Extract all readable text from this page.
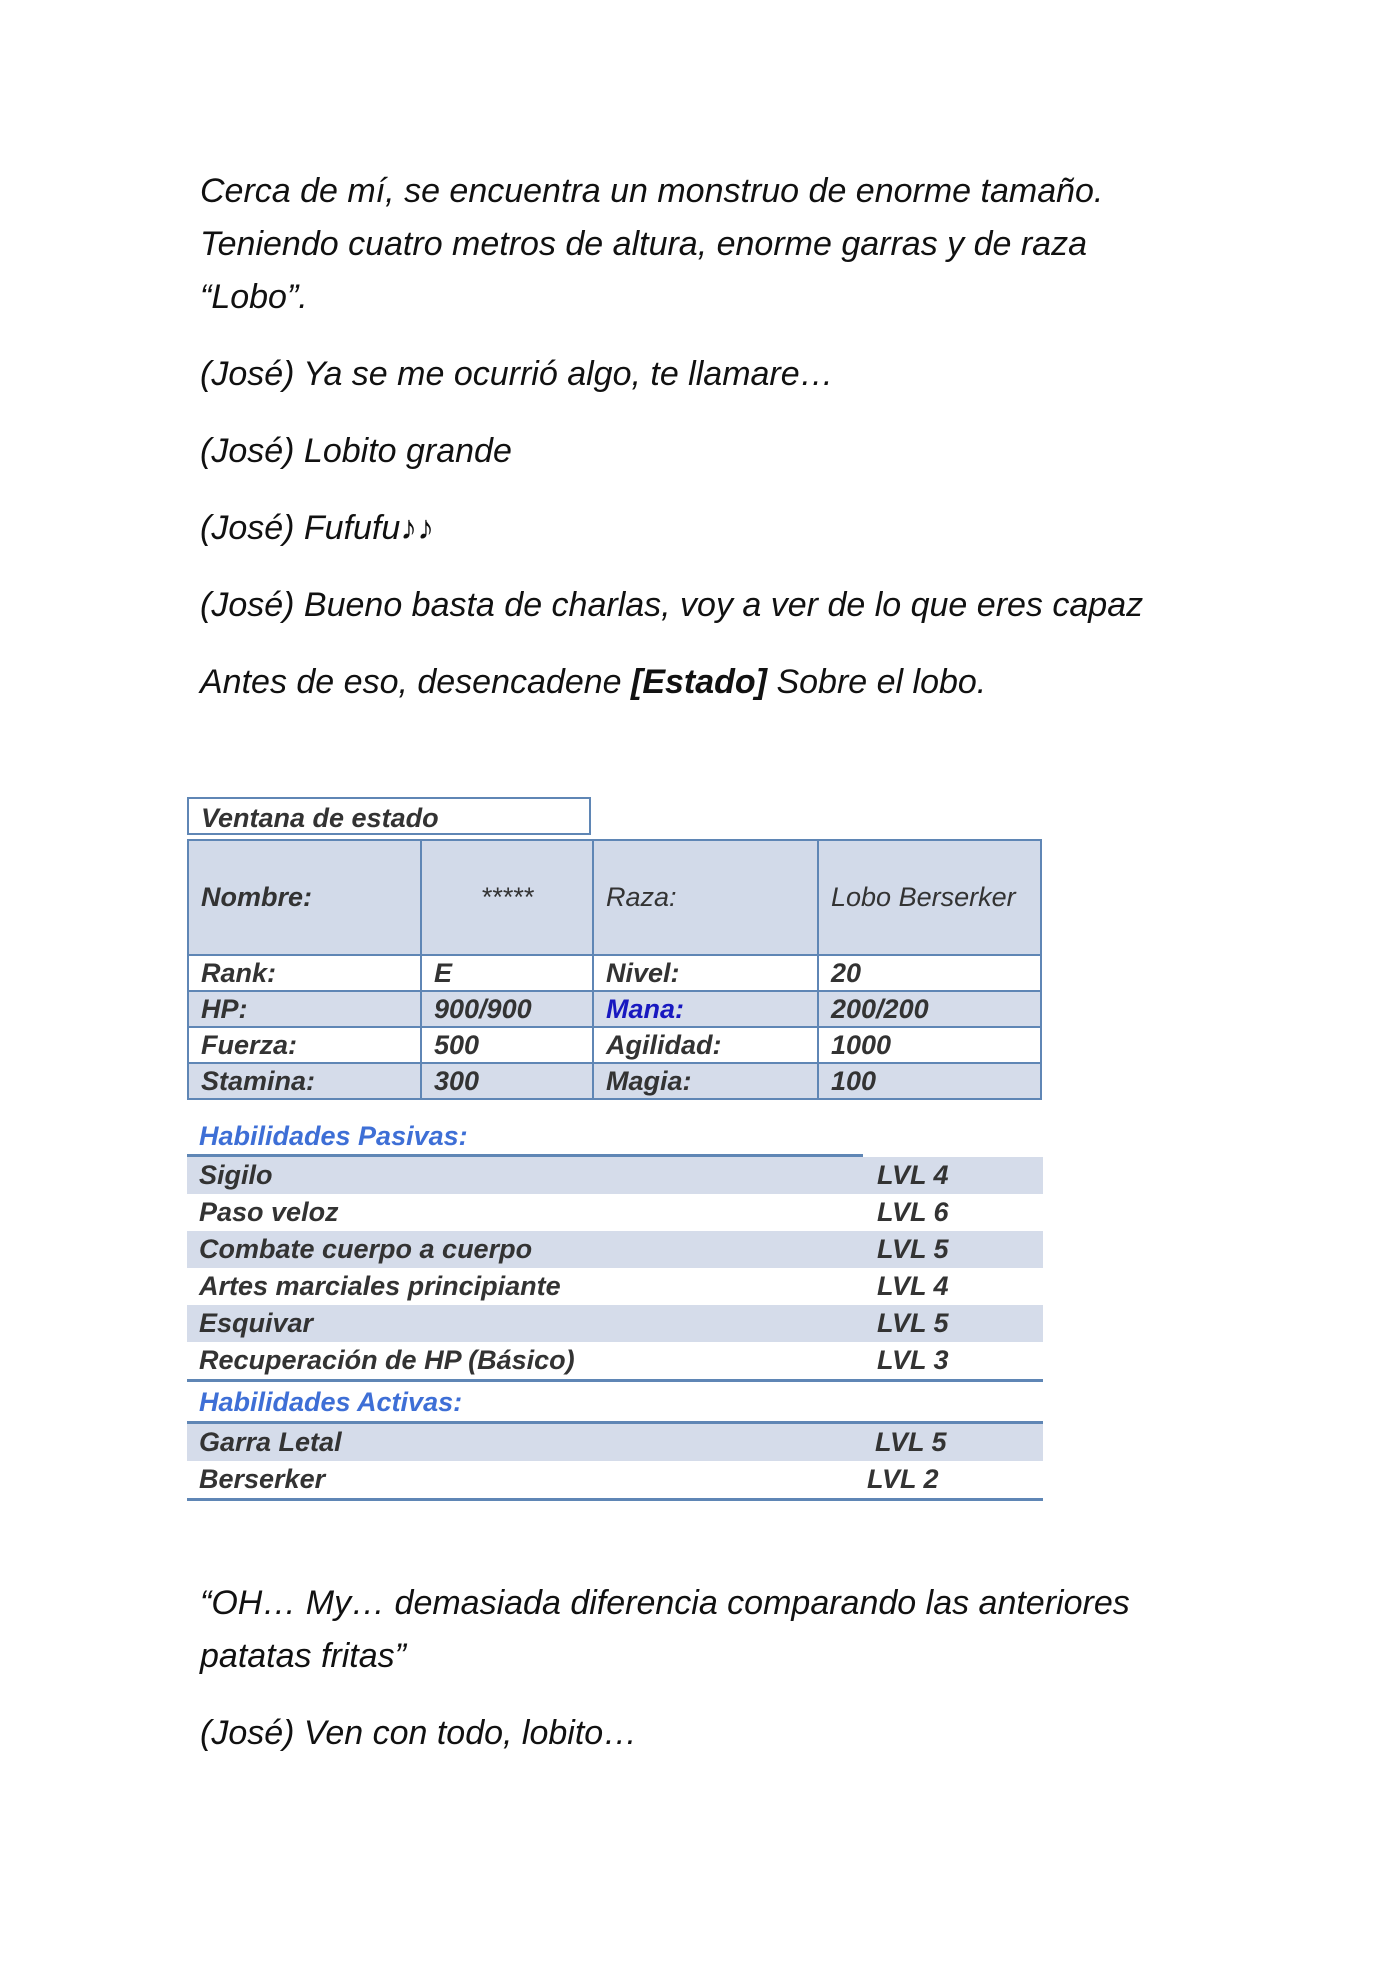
Cerca de mí, se encuentra un monstruo de enorme tamaño. Teniendo cuatro metros de altura, enorme garras y de raza “Lobo”.

(José) Ya se me ocurrió algo, te llamare…

(José) Lobito grande

(José) Fufufu♪♪

(José) Bueno basta de charlas, voy a ver de lo que eres capaz

Antes de eso, desencadene [Estado] Sobre el lobo.

Ventana de estado
Nombre:	*****	Raza:	Lobo Berserker
Rank:	E	Nivel:	20
HP:	900/900	Mana:	200/200
Fuerza:	500	Agilidad:	1000
Stamina:	300	Magia:	100
Habilidades Pasivas:
Sigilo	LVL 4
Paso veloz	LVL 6
Combate cuerpo a cuerpo	LVL 5
Artes marciales principiante	LVL 4
Esquivar	LVL 5
Recuperación de HP (Básico)	LVL 3
Habilidades Activas:
Garra Letal	LVL 5
Berserker	LVL 2

“OH… My… demasiada diferencia comparando las anteriores patatas fritas”

(José) Ven con todo, lobito…
